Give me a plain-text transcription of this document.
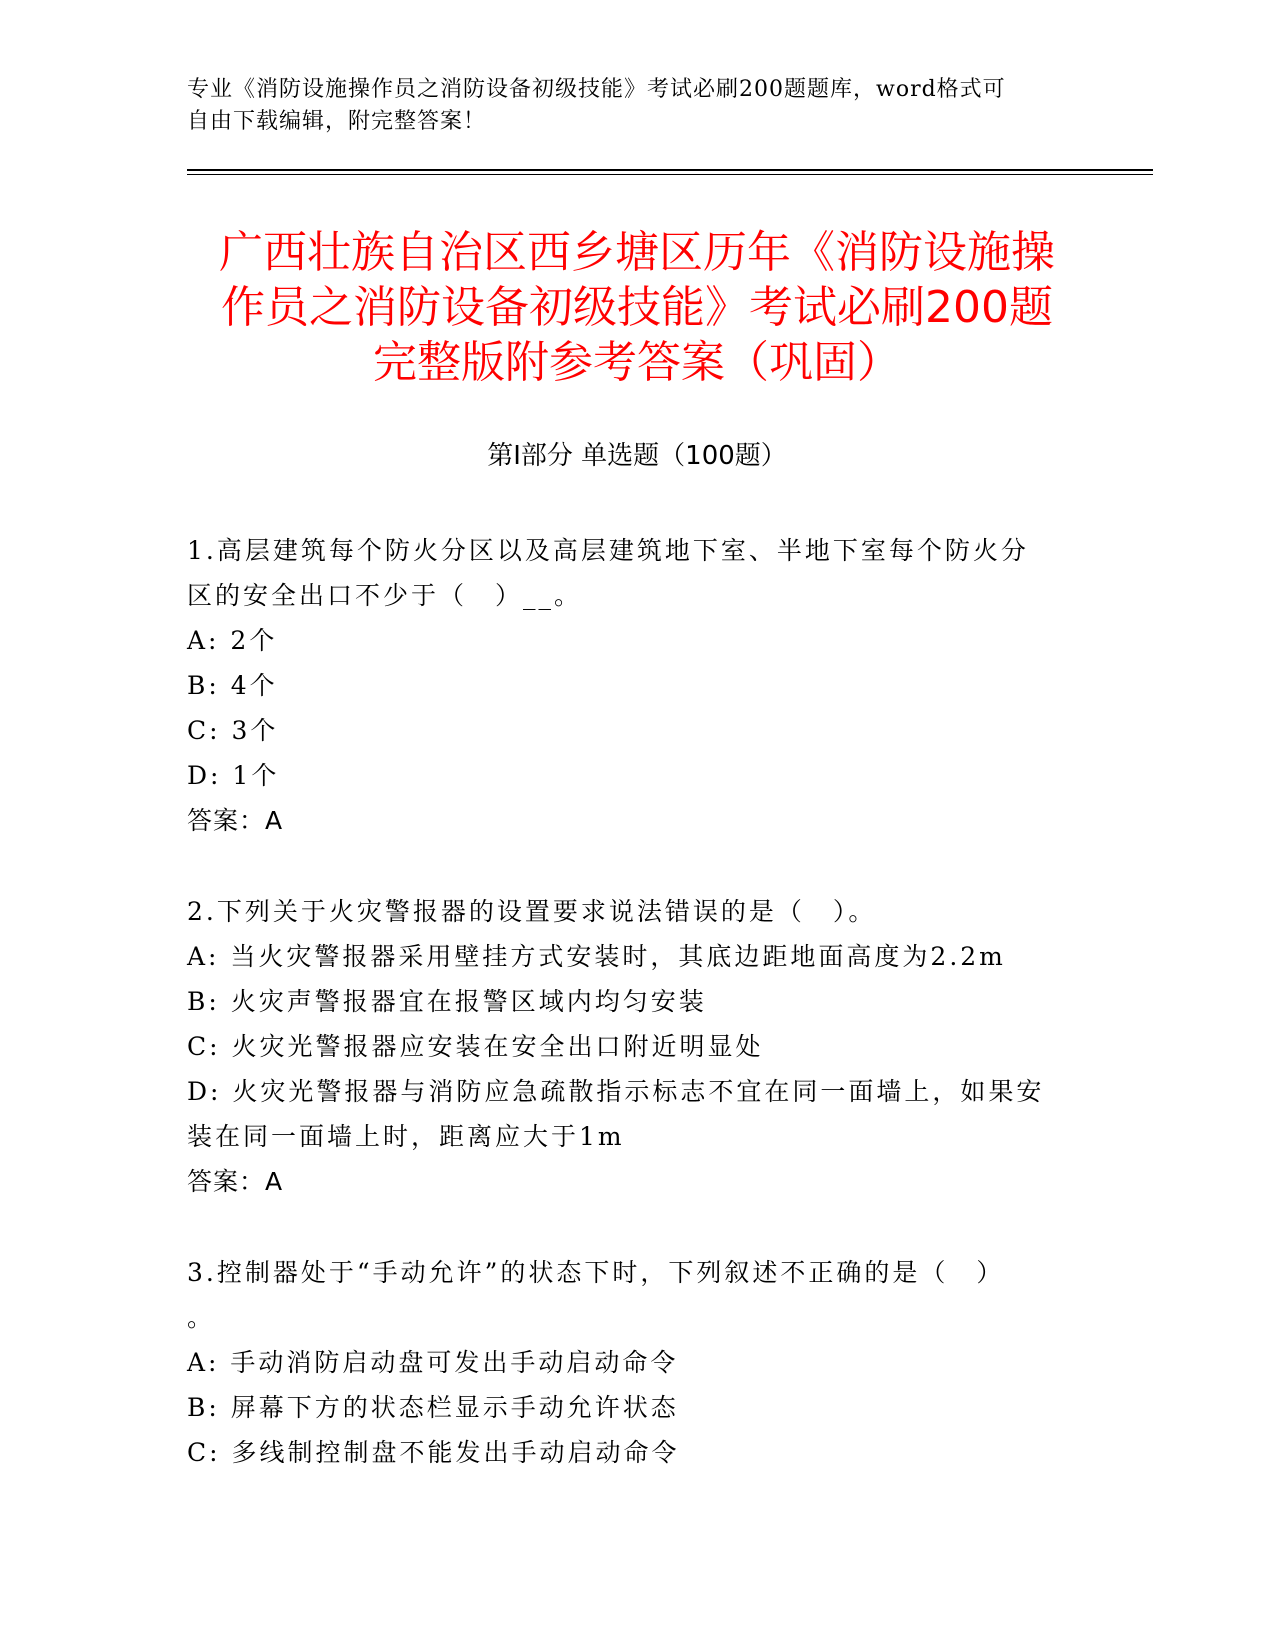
专业《消防设施操作员之消防设备初级技能》考试必刷200题题库，word格式可
自由下载编辑，附完整答案！
广西壮族自治区西乡塘区历年《消防设施操
作员之消防设备初级技能》考试必刷200题
完整版附参考答案（巩固）
第Ⅰ部分 单选题（100题）
1.高层建筑每个防火分区以及高层建筑地下室、半地下室每个防火分
区的安全出口不少于（　）__。
A: 2个
B: 4个
C: 3个
D: 1个
答案：A
2.下列关于火灾警报器的设置要求说法错误的是（　）。
A: 当火灾警报器采用壁挂方式安装时，其底边距地面高度为2.2m
B: 火灾声警报器宜在报警区域内均匀安装
C: 火灾光警报器应安装在安全出口附近明显处
D: 火灾光警报器与消防应急疏散指示标志不宜在同一面墙上，如果安
装在同一面墙上时，距离应大于1m
答案：A
3.控制器处于“手动允许”的状态下时，下列叙述不正确的是（　）
。
A: 手动消防启动盘可发出手动启动命令
B: 屏幕下方的状态栏显示手动允许状态
C: 多线制控制盘不能发出手动启动命令
